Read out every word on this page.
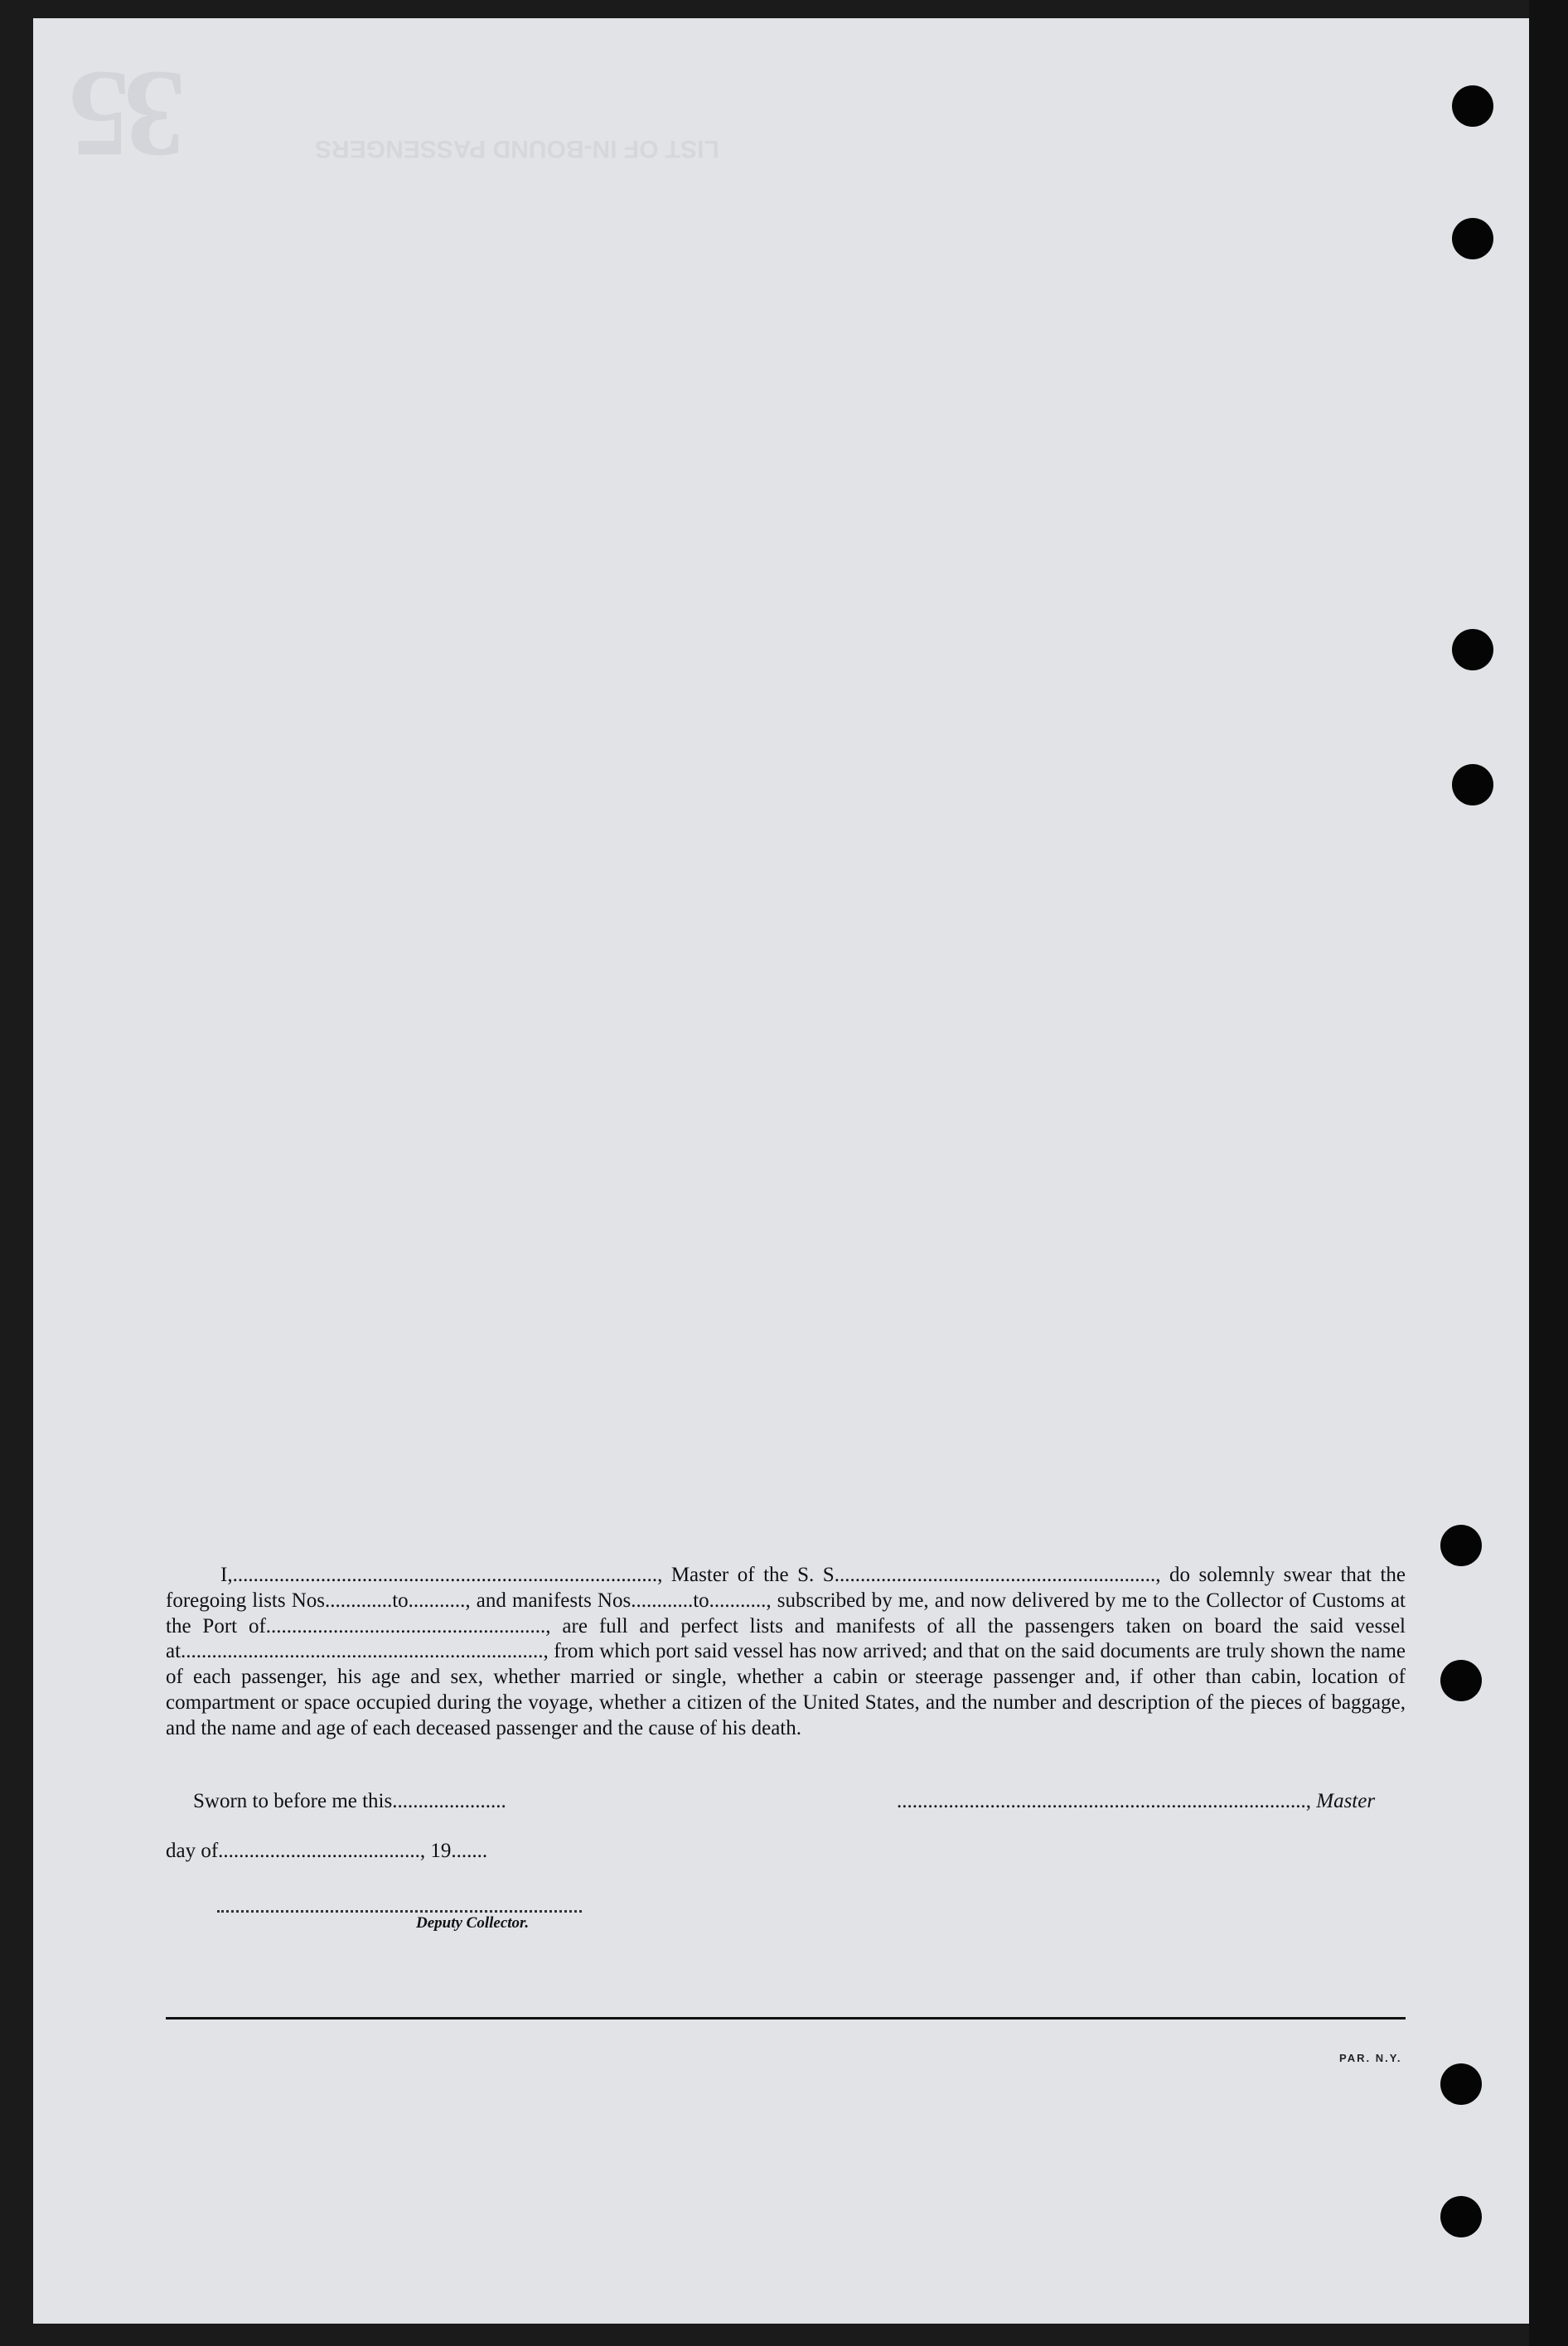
35	LIST OF IN-BOUND PASSENGERS
I,.................................................................................., Master of the S. S.............................................................., do solemnly swear that the foregoing lists Nos.............to..........., and manifests Nos............to..........., subscribed by me, and now delivered by me to the Collector of Customs at the Port of......................................................, are full and perfect lists and manifests of all the passengers taken on board the said vessel at......................................................................, from which port said vessel has now arrived; and that on the said documents are truly shown the name of each passenger, his age and sex, whether married or single, whether a cabin or steerage passenger and, if other than cabin, location of compartment or space occupied during the voyage, whether a citizen of the United States, and the number and description of the pieces of baggage, and the name and age of each deceased passenger and the cause of his death.
Sworn to before me this......................	..............................................................................., Master
day of......................................., 19.......
Deputy Collector.
PAR. N.Y.
